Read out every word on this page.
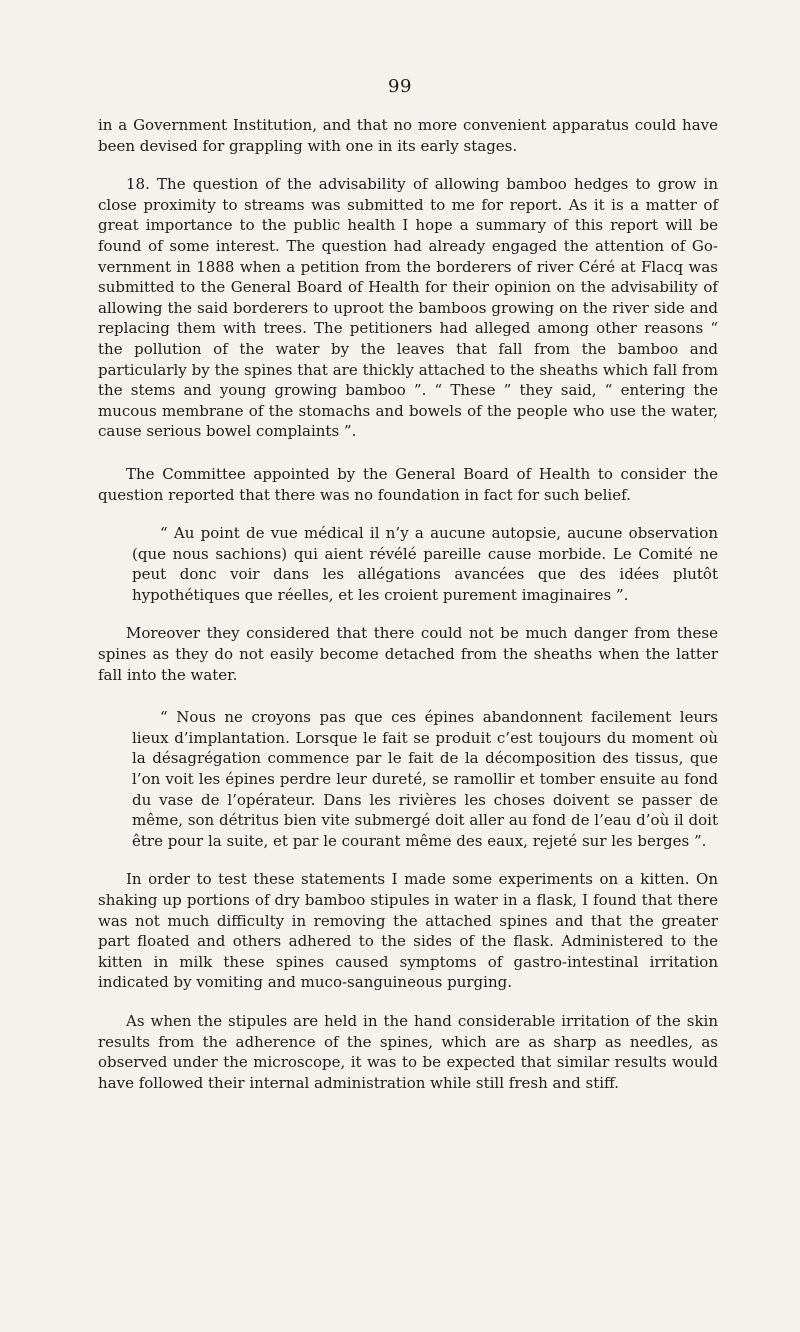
99

in a Government Institution, and that no more convenient apparatus could have been devised for grappling with one in its early stages.

18. The question of the advisability of allowing bamboo hedges to grow in close proximity to streams was submitted to me for report. As it is a matter of great importance to the public health I hope a summary of this report will be found of some interest. The question had already engaged the attention of Government in 1888 when a petition from the borderers of river Céré at Flacq was submitted to the General Board of Health for their opinion on the advisability of allowing the said borderers to uproot the bamboos growing on the river side and replacing them with trees. The petitioners had alleged among other reasons “ the pollution of the water by the leaves that fall from the bamboo and particularly by the spines that are thickly attached to the sheaths which fall from the stems and young growing bamboo ”. “ These ” they said, “ entering the mucous membrane of the stomachs and bowels of the people who use the water, cause serious bowel complaints ”.

The Committee appointed by the General Board of Health to consider the question reported that there was no foundation in fact for such belief.

“ Au point de vue médical il n’y a aucune autopsie, aucune observation (que nous sachions) qui aient révélé pareille cause morbide. Le Comité ne peut donc voir dans les allégations avancées que des idées plutôt hypothétiques que réelles, et les croient purement imaginaires ”.

Moreover they considered that there could not be much danger from these spines as they do not easily become detached from the sheaths when the latter fall into the water.

“ Nous ne croyons pas que ces épines abandonnent facilement leurs lieux d’implantation. Lorsque le fait se produit c’est toujours du moment où la désagrégation commence par le fait de la décomposition des tissus, que l’on voit les épines perdre leur dureté, se ramollir et tomber ensuite au fond du vase de l’opérateur. Dans les rivières les choses doivent se passer de même, son détritus bien vite submergé doit aller au fond de l’eau d’où il doit être pour la suite, et par le courant même des eaux, rejeté sur les berges ”.

In order to test these statements I made some experiments on a kitten. On shaking up portions of dry bamboo stipules in water in a flask, I found that there was not much difficulty in removing the attached spines and that the greater part floated and others adhered to the sides of the flask. Administered to the kitten in milk these spines caused symptoms of gastro-intestinal irritation indicated by vomiting and muco-sanguineous purging.

As when the stipules are held in the hand considerable irritation of the skin results from the adherence of the spines, which are as sharp as needles, as observed under the microscope, it was to be expected that similar results would have followed their internal administration while still fresh and stiff.
